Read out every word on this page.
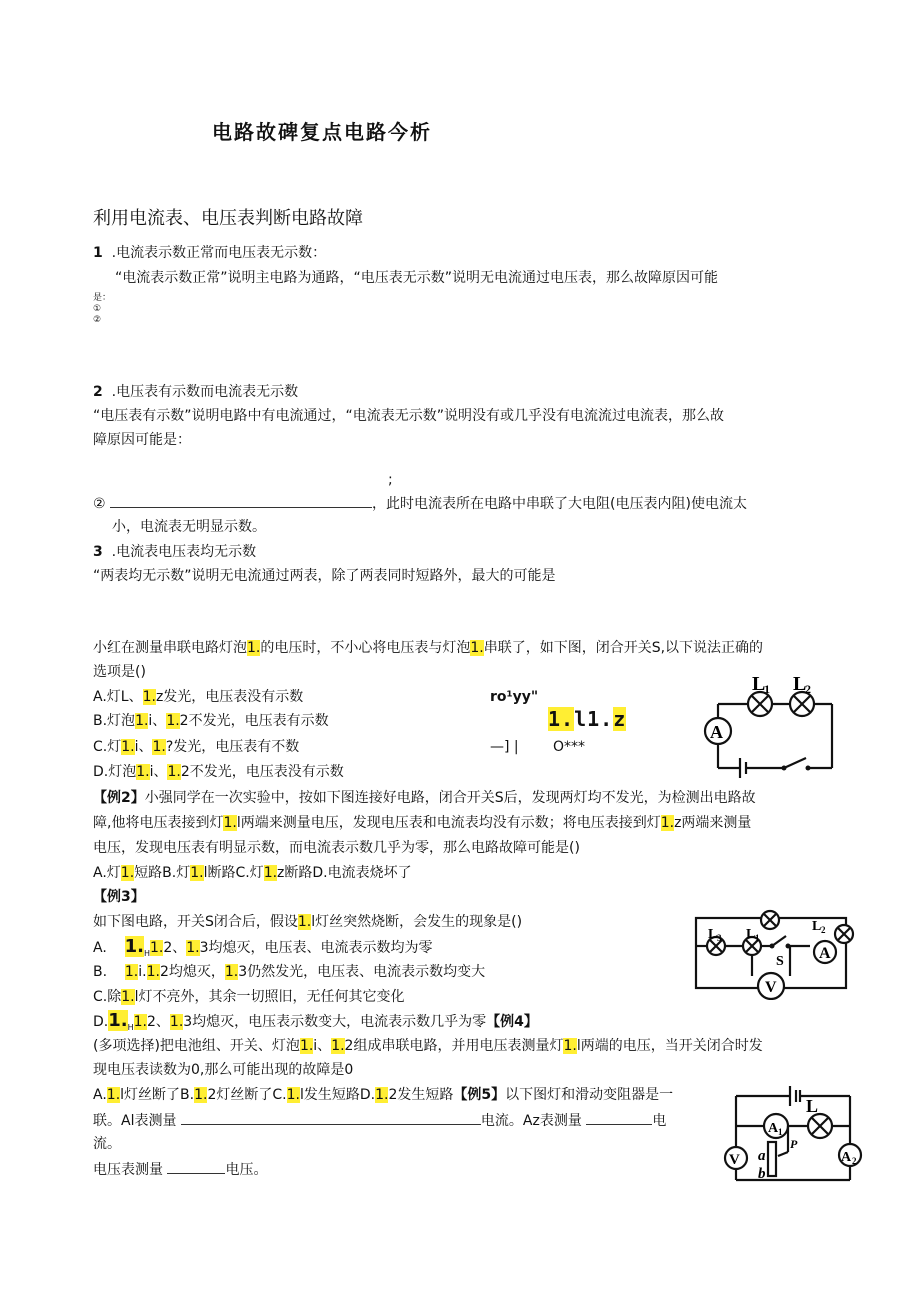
电路故碑复点电路今析
利用电流表、电压表判断电路故障
1 .电流表示数正常而电压表无示数：
“电流表示数正常”说明主电路为通路，“电压表无示数”说明无电流通过电压表，那么故障原因可能
是：
①
②
2 .电压表有示数而电流表无示数
“电压表有示数”说明电路中有电流通过，“电流表无示数”说明没有或几乎没有电流流过电流表，那么故
障原因可能是：
;
②	，此时电流表所在电路中串联了大电阻(电压表内阻)使电流太
小，电流表无明显示数。
3 .电流表电压表均无示数
“两表均无示数”说明无电流通过两表，除了两表同时短路外，最大的可能是
小红在测量串联电路灯泡1.的电压时，不小心将电压表与灯泡1.串联了，如下图，闭合开关S,以下说法正确的
选项是()
A.灯L、1.z发光，电压表没有示数
B.灯泡1.i、1.2不发光，电压表有示数
C.灯1.i、1.?发光，电压表有不数
D.灯泡1.i、1.2不发光，电压表没有示数
ro¹yy"
1.l1.z
—] | O***
L
1 L
2
A
【例2】小强同学在一次实验中，按如下图连接好电路，闭合开关S后，发现两灯均不发光，为检测出电路故
障,他将电压表接到灯1.l两端来测量电压，发现电压表和电流表均没有示数；将电压表接到灯1.z两端来测量
电压，发现电压表有明显示数，而电流表示数几乎为零，那么电路故障可能是()
A.灯1.短路B.灯1.l断路C.灯1.z断路D.电流表烧坏了
【例3】
如下图电路，开关S闭合后，假设1.l灯丝突然烧断，会发生的现象是()
A. $1._H1.2$、1.3均熄灭，电压表、电流表示数均为零
B. 1.i.1.2均熄灭，1.3仍然发光，电压表、电流表示数均变大
C.除1.l灯不亮外，其余一切照旧，无任何其它变化
$D.1._H1.2$、1.3均熄灭，电压表示数变大，电流表示数几乎为零【例4】
L 3 L 1
L 2
S A
V
(多项选择)把电池组、开关、灯泡1.i、1.2组成串联电路，并用电压表测量灯1.l两端的电压，当开关闭合时发
现电压表读数为0,那么可能出现的故障是0
A.1.l灯丝断了B.1.2灯丝断了C.1.l发生短路D.1.2发生短路【例5】以下图灯和滑动变阻器是一
联。Al表测量	电流。Az表测量	电
流。
电压表测量	电压。
A 1
L
V a
P
b
A 2
